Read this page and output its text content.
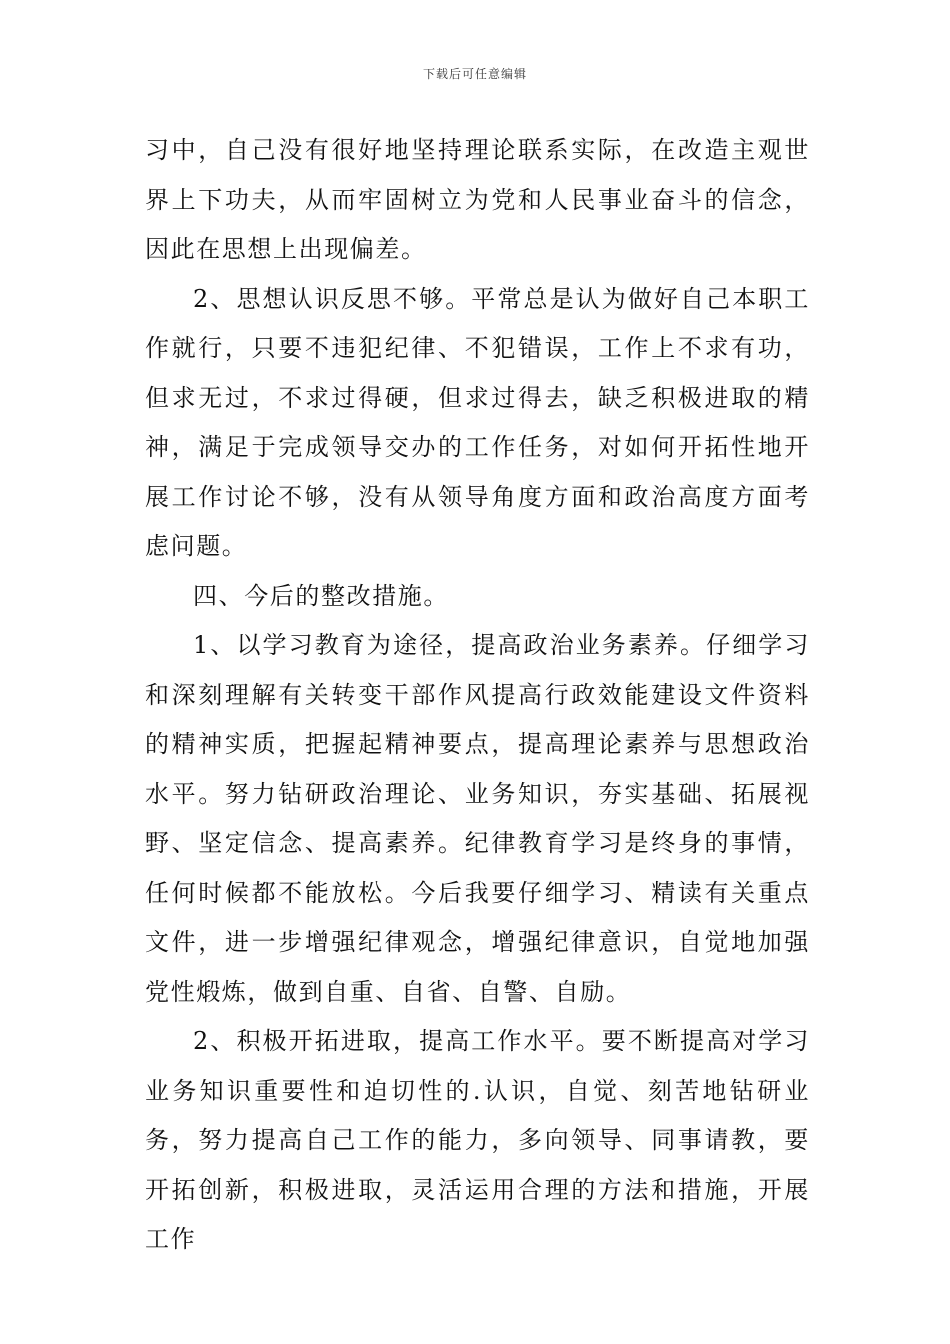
下载后可任意编辑

习中，自己没有很好地坚持理论联系实际，在改造主观世界上下功夫，从而牢固树立为党和人民事业奋斗的信念，因此在思想上出现偏差。

2、思想认识反思不够。平常总是认为做好自己本职工作就行，只要不违犯纪律、不犯错误，工作上不求有功，但求无过，不求过得硬，但求过得去，缺乏积极进取的精神，满足于完成领导交办的工作任务，对如何开拓性地开展工作讨论不够，没有从领导角度方面和政治高度方面考虑问题。

四、今后的整改措施。

1、以学习教育为途径，提高政治业务素养。仔细学习和深刻理解有关转变干部作风提高行政效能建设文件资料的精神实质，把握起精神要点，提高理论素养与思想政治水平。努力钻研政治理论、业务知识，夯实基础、拓展视野、坚定信念、提高素养。纪律教育学习是终身的事情，任何时候都不能放松。今后我要仔细学习、精读有关重点文件，进一步增强纪律观念，增强纪律意识，自觉地加强党性煅炼，做到自重、自省、自警、自励。

2、积极开拓进取，提高工作水平。要不断提高对学习业务知识重要性和迫切性的.认识，自觉、刻苦地钻研业务，努力提高自己工作的能力，多向领导、同事请教，要开拓创新，积极进取，灵活运用合理的方法和措施，开展工作
